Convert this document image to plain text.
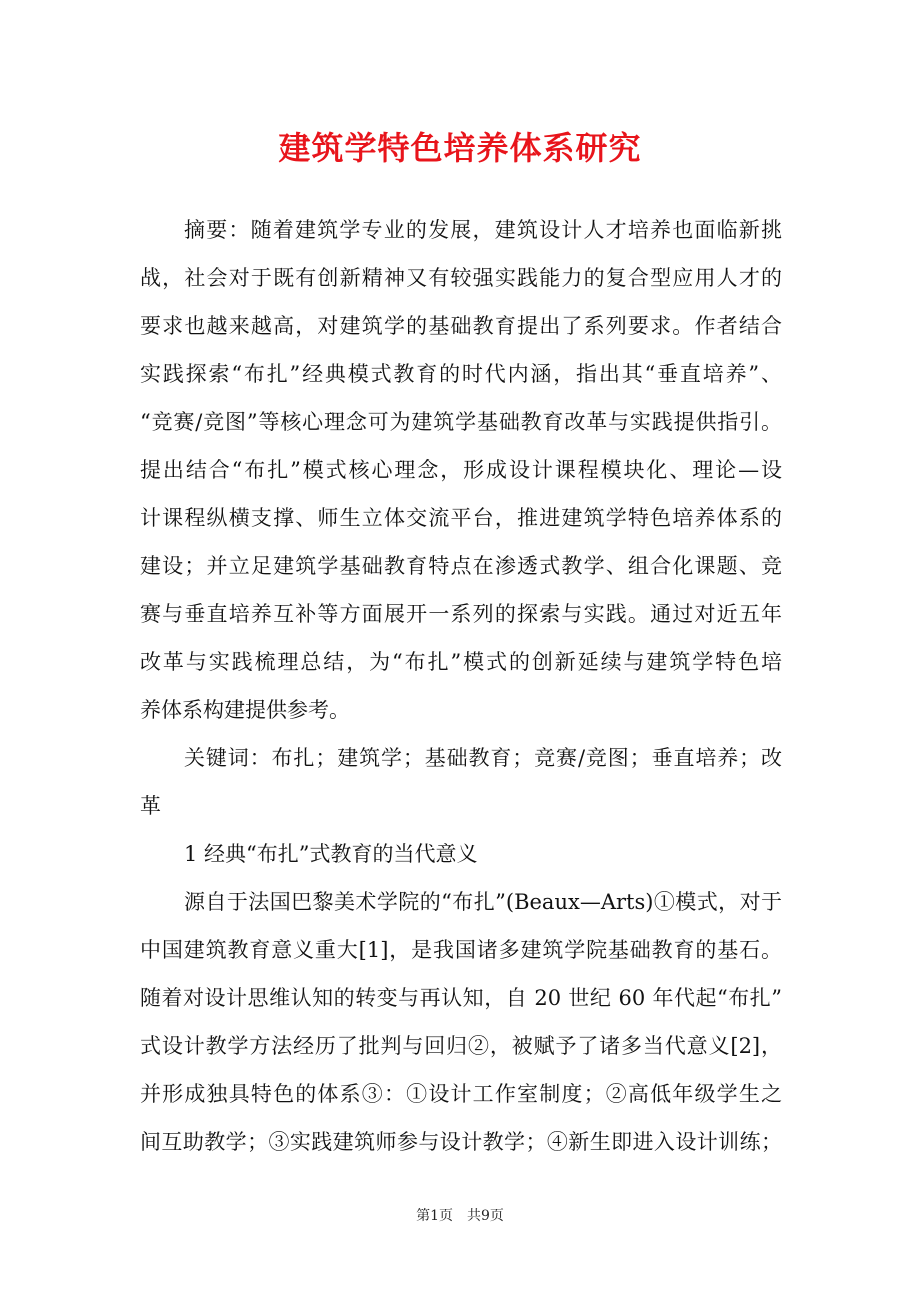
建筑学特色培养体系研究
摘要：随着建筑学专业的发展，建筑设计人才培养也面临新挑
战，社会对于既有创新精神又有较强实践能力的复合型应用人才的
要求也越来越高，对建筑学的基础教育提出了系列要求。作者结合
实践探索“布扎”经典模式教育的时代内涵，指出其“垂直培养”、
“竞赛/竞图”等核心理念可为建筑学基础教育改革与实践提供指引。
提出结合“布扎”模式核心理念，形成设计课程模块化、理论—设
计课程纵横支撑、师生立体交流平台，推进建筑学特色培养体系的
建设；并立足建筑学基础教育特点在渗透式教学、组合化课题、竞
赛与垂直培养互补等方面展开一系列的探索与实践。通过对近五年
改革与实践梳理总结，为“布扎”模式的创新延续与建筑学特色培
养体系构建提供参考。
关键词：布扎；建筑学；基础教育；竞赛/竞图；垂直培养；改
革
1 经典“布扎”式教育的当代意义
源自于法国巴黎美术学院的“布扎”(Beaux—Arts)①模式，对于
中国建筑教育意义重大[1]，是我国诸多建筑学院基础教育的基石。
随着对设计思维认知的转变与再认知，自 20 世纪 60 年代起“布扎”
式设计教学方法经历了批判与回归②，被赋予了诸多当代意义[2]，
并形成独具特色的体系③：①设计工作室制度；②高低年级学生之
间互助教学；③实践建筑师参与设计教学；④新生即进入设计训练；
第1页　共9页
